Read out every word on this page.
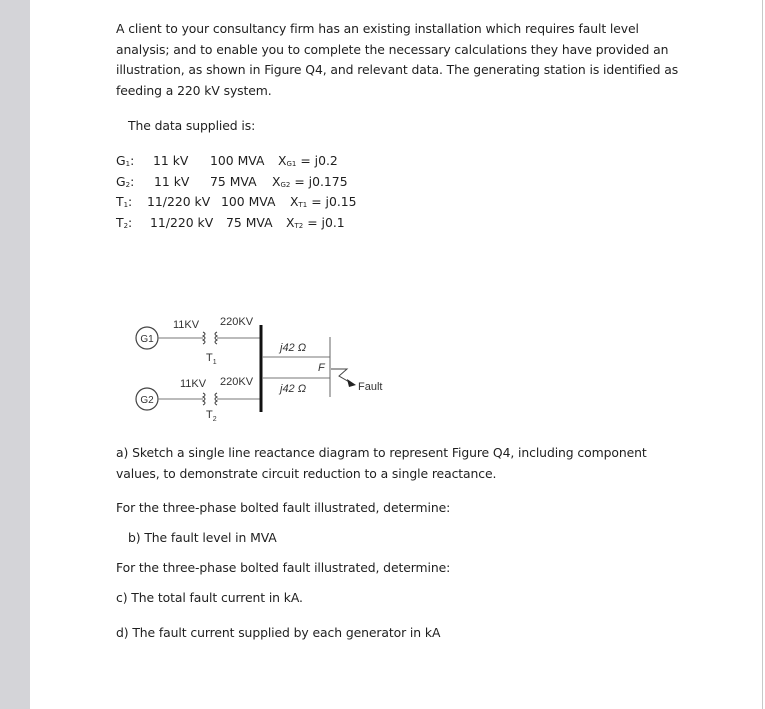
A client to your consultancy firm has an existing installation which requires fault level
analysis; and to enable you to complete the necessary calculations they have provided an
illustration, as shown in Figure Q4, and relevant data. The generating station is identified as
feeding a 220 kV system.
The data supplied is:
$G_1$: 11 kV 100 MVA $X_{G1} = j0.2$
$G_2$: 11 kV 75 MVA $X_{G2} = j0.175$
$T_1$: 11/220 kV 100 MVA $X_{T1} = j0.15$
$T_2$: 11/220 kV 75 MVA $X_{T2} = j0.1$
G1
11KV 220KV
$T_1$
G2
11KV 220KV
$T_2$
j42 Ω
j42 Ω
F
Fault
a) Sketch a single line reactance diagram to represent Figure Q4, including component
values, to demonstrate circuit reduction to a single reactance.
For the three-phase bolted fault illustrated, determine:
b) The fault level in MVA
For the three-phase bolted fault illustrated, determine:
c) The total fault current in kA.
d) The fault current supplied by each generator in kA
